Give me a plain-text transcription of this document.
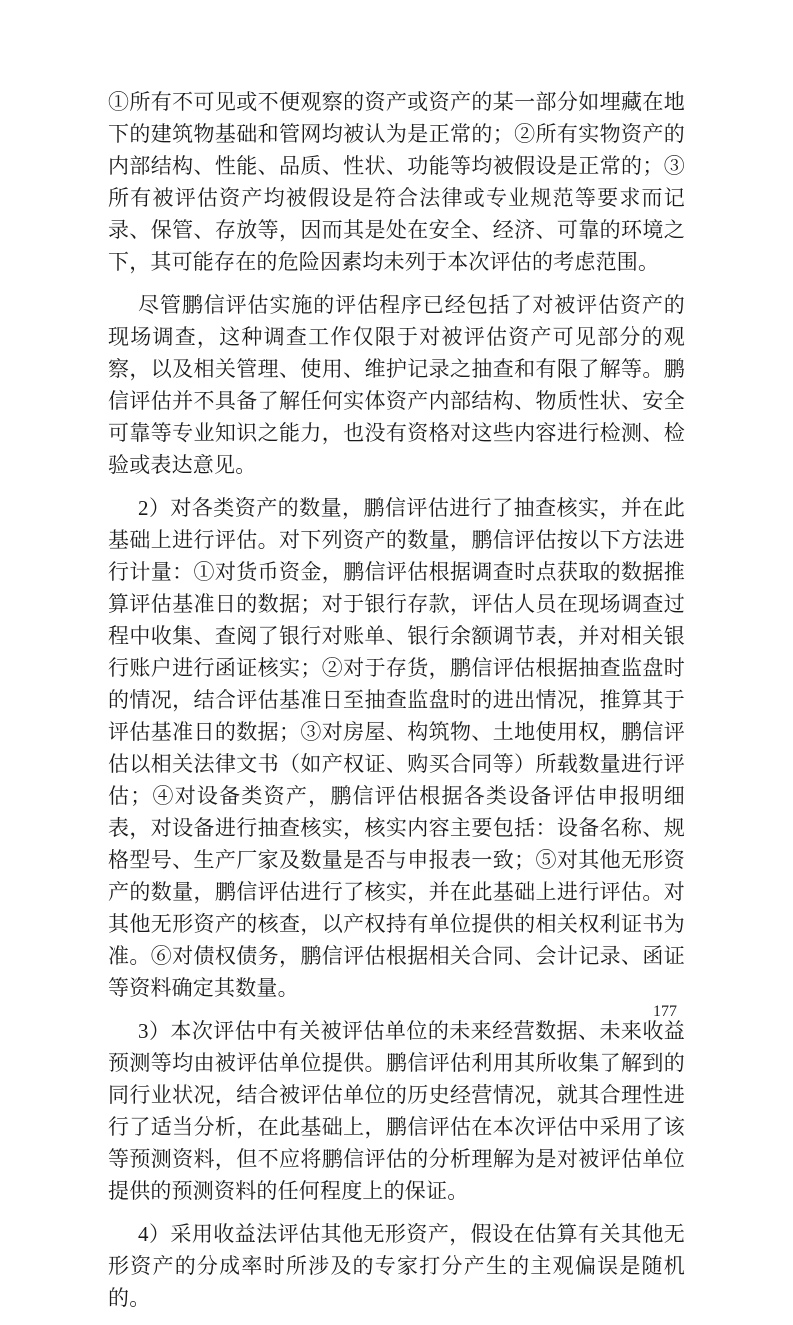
①所有不可见或不便观察的资产或资产的某一部分如埋藏在地下的建筑物基础和管网均被认为是正常的；②所有实物资产的内部结构、性能、品质、性状、功能等均被假设是正常的；③所有被评估资产均被假设是符合法律或专业规范等要求而记录、保管、存放等，因而其是处在安全、经济、可靠的环境之下，其可能存在的危险因素均未列于本次评估的考虑范围。

尽管鹏信评估实施的评估程序已经包括了对被评估资产的现场调查，这种调查工作仅限于对被评估资产可见部分的观察，以及相关管理、使用、维护记录之抽查和有限了解等。鹏信评估并不具备了解任何实体资产内部结构、物质性状、安全可靠等专业知识之能力，也没有资格对这些内容进行检测、检验或表达意见。

2）对各类资产的数量，鹏信评估进行了抽查核实，并在此基础上进行评估。对下列资产的数量，鹏信评估按以下方法进行计量：①对货币资金，鹏信评估根据调查时点获取的数据推算评估基准日的数据；对于银行存款，评估人员在现场调查过程中收集、查阅了银行对账单、银行余额调节表，并对相关银行账户进行函证核实；②对于存货，鹏信评估根据抽查监盘时的情况，结合评估基准日至抽查监盘时的进出情况，推算其于评估基准日的数据；③对房屋、构筑物、土地使用权，鹏信评估以相关法律文书（如产权证、购买合同等）所载数量进行评估；④对设备类资产，鹏信评估根据各类设备评估申报明细表，对设备进行抽查核实，核实内容主要包括：设备名称、规格型号、生产厂家及数量是否与申报表一致；⑤对其他无形资产的数量，鹏信评估进行了核实，并在此基础上进行评估。对其他无形资产的核查，以产权持有单位提供的相关权利证书为准。⑥对债权债务，鹏信评估根据相关合同、会计记录、函证等资料确定其数量。

3）本次评估中有关被评估单位的未来经营数据、未来收益预测等均由被评估单位提供。鹏信评估利用其所收集了解到的同行业状况，结合被评估单位的历史经营情况，就其合理性进行了适当分析，在此基础上，鹏信评估在本次评估中采用了该等预测资料，但不应将鹏信评估的分析理解为是对被评估单位提供的预测资料的任何程度上的保证。

4）采用收益法评估其他无形资产，假设在估算有关其他无形资产的分成率时所涉及的专家打分产生的主观偏误是随机的。

177
